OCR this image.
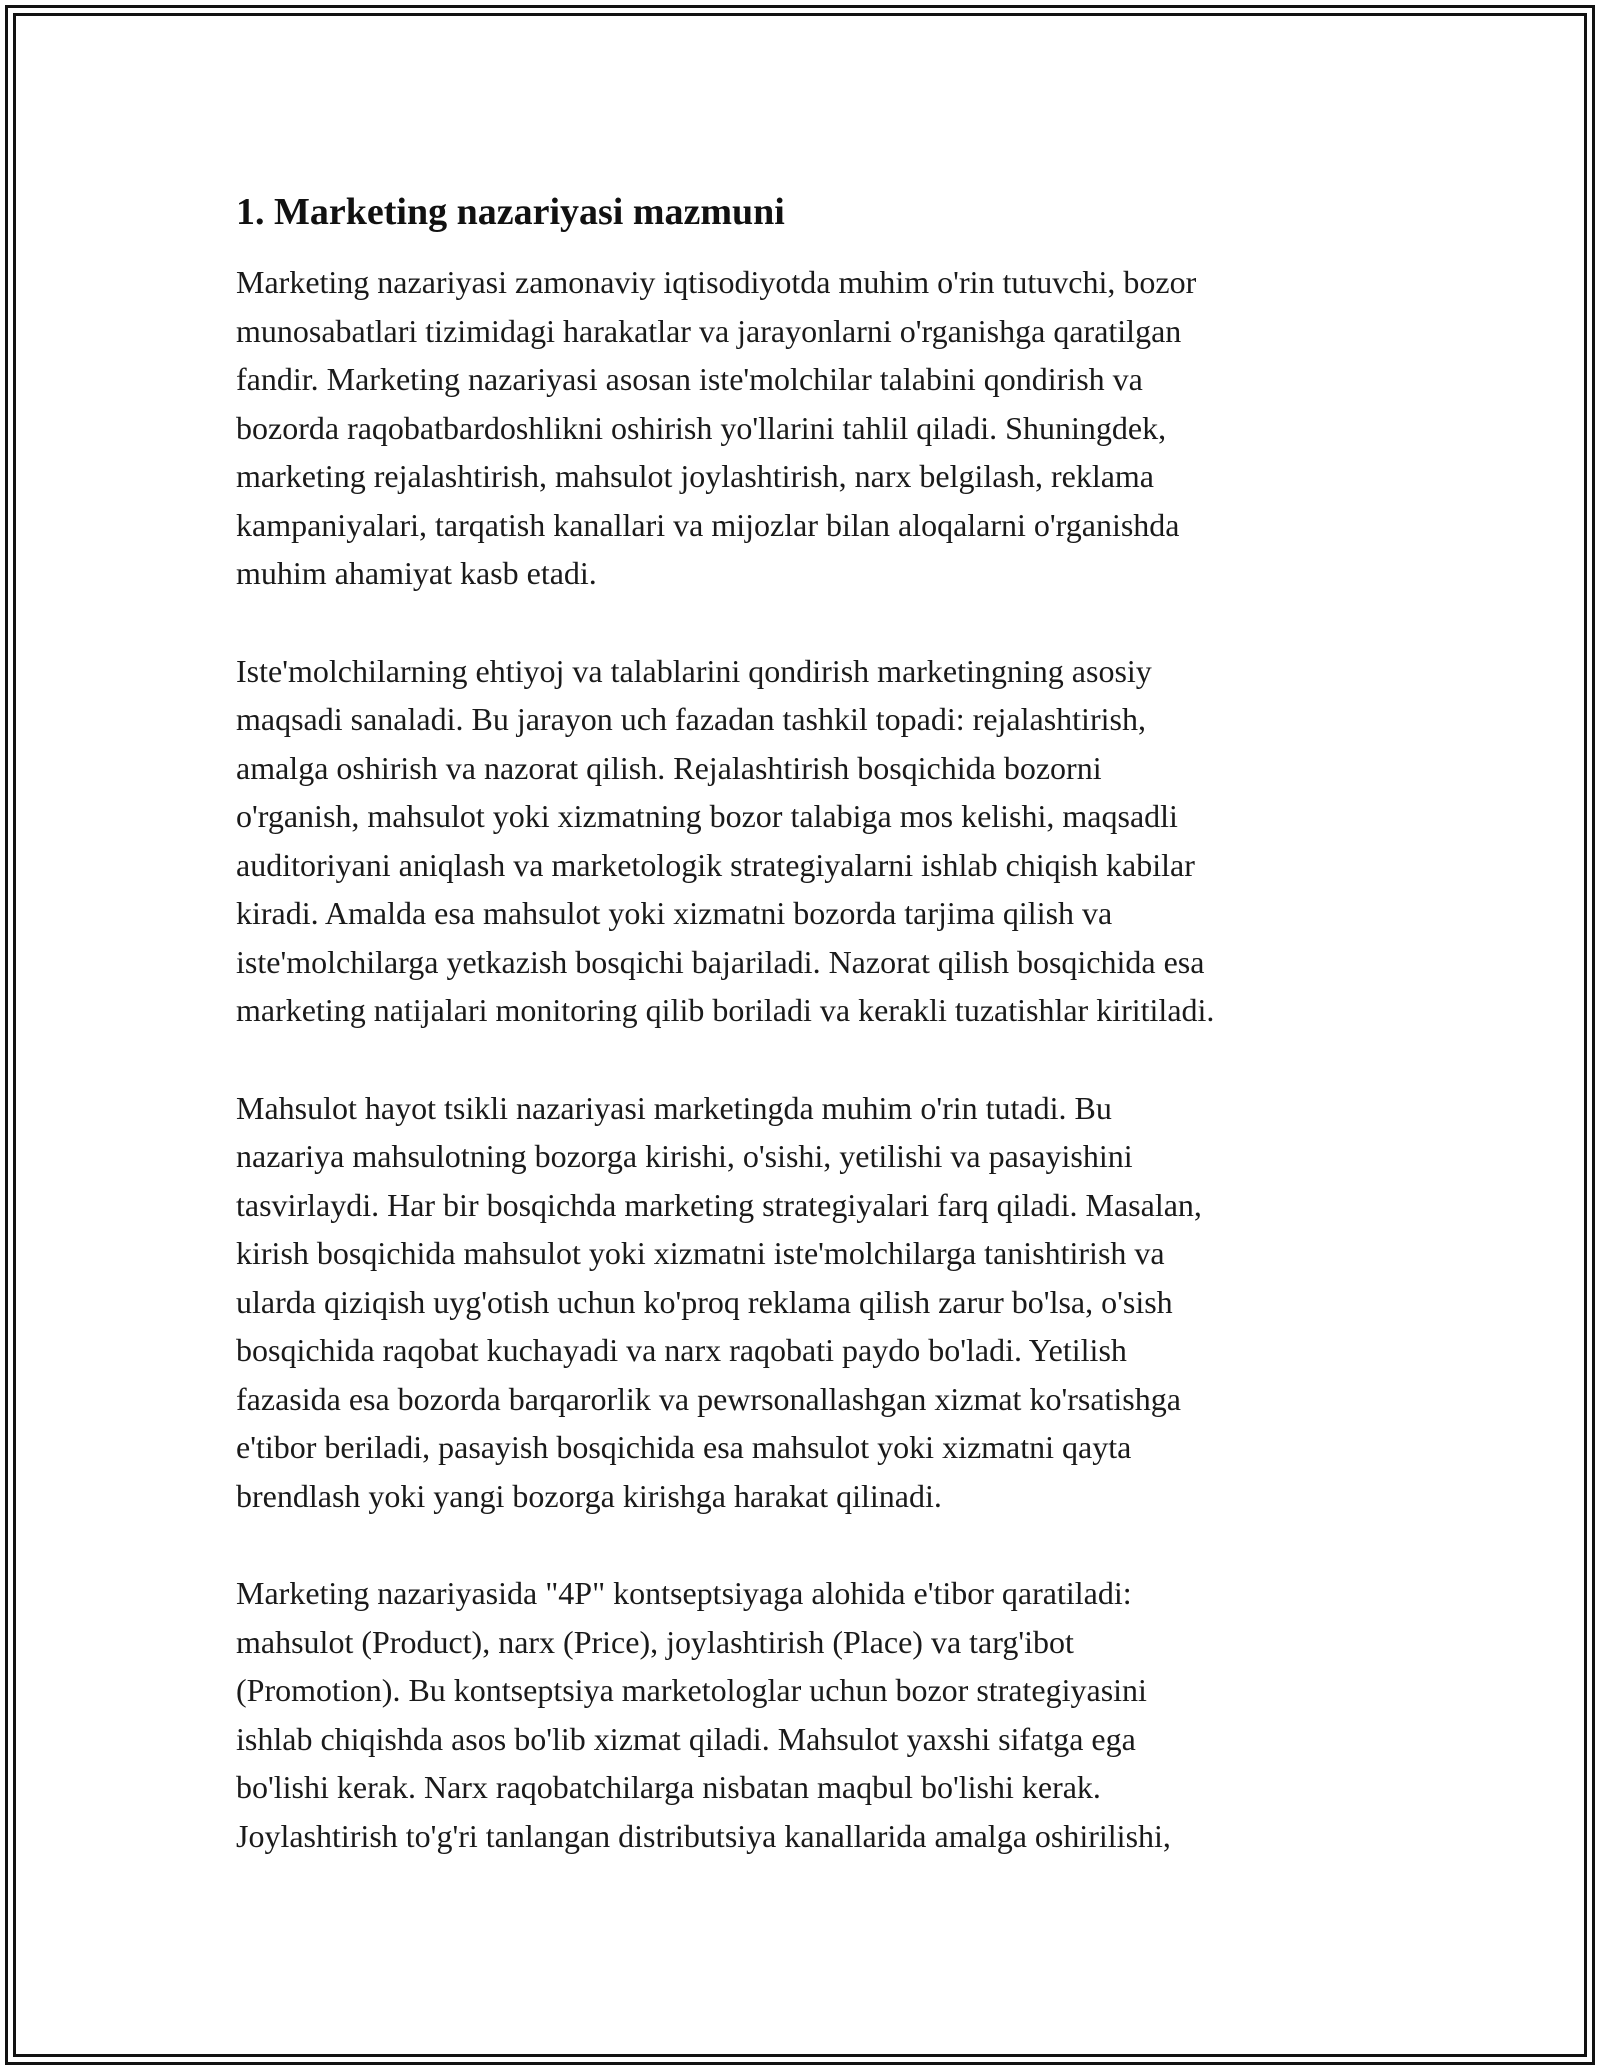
1. Marketing nazariyasi mazmuni

Marketing nazariyasi zamonaviy iqtisodiyotda muhim o'rin tutuvchi, bozor
munosabatlari tizimidagi harakatlar va jarayonlarni o'rganishga qaratilgan
fandir. Marketing nazariyasi asosan iste'molchilar talabini qondirish va
bozorda raqobatbardoshlikni oshirish yo'llarini tahlil qiladi. Shuningdek,
marketing rejalashtirish, mahsulot joylashtirish, narx belgilash, reklama
kampaniyalari, tarqatish kanallari va mijozlar bilan aloqalarni o'rganishda
muhim ahamiyat kasb etadi.

Iste'molchilarning ehtiyoj va talablarini qondirish marketingning asosiy
maqsadi sanaladi. Bu jarayon uch fazadan tashkil topadi: rejalashtirish,
amalga oshirish va nazorat qilish. Rejalashtirish bosqichida bozorni
o'rganish, mahsulot yoki xizmatning bozor talabiga mos kelishi, maqsadli
auditoriyani aniqlash va marketologik strategiyalarni ishlab chiqish kabilar
kiradi. Amalda esa mahsulot yoki xizmatni bozorda tarjima qilish va
iste'molchilarga yetkazish bosqichi bajariladi. Nazorat qilish bosqichida esa
marketing natijalari monitoring qilib boriladi va kerakli tuzatishlar kiritiladi.

Mahsulot hayot tsikli nazariyasi marketingda muhim o'rin tutadi. Bu
nazariya mahsulotning bozorga kirishi, o'sishi, yetilishi va pasayishini
tasvirlaydi. Har bir bosqichda marketing strategiyalari farq qiladi. Masalan,
kirish bosqichida mahsulot yoki xizmatni iste'molchilarga tanishtirish va
ularda qiziqish uyg'otish uchun ko'proq reklama qilish zarur bo'lsa, o'sish
bosqichida raqobat kuchayadi va narx raqobati paydo bo'ladi. Yetilish
fazasida esa bozorda barqarorlik va pewrsonallashgan xizmat ko'rsatishga
e'tibor beriladi, pasayish bosqichida esa mahsulot yoki xizmatni qayta
brendlash yoki yangi bozorga kirishga harakat qilinadi.

Marketing nazariyasida "4P" kontseptsiyaga alohida e'tibor qaratiladi:
mahsulot (Product), narx (Price), joylashtirish (Place) va targ'ibot
(Promotion). Bu kontseptsiya marketologlar uchun bozor strategiyasini
ishlab chiqishda asos bo'lib xizmat qiladi. Mahsulot yaxshi sifatga ega
bo'lishi kerak. Narx raqobatchilarga nisbatan maqbul bo'lishi kerak.
Joylashtirish to'g'ri tanlangan distributsiya kanallarida amalga oshirilishi,
